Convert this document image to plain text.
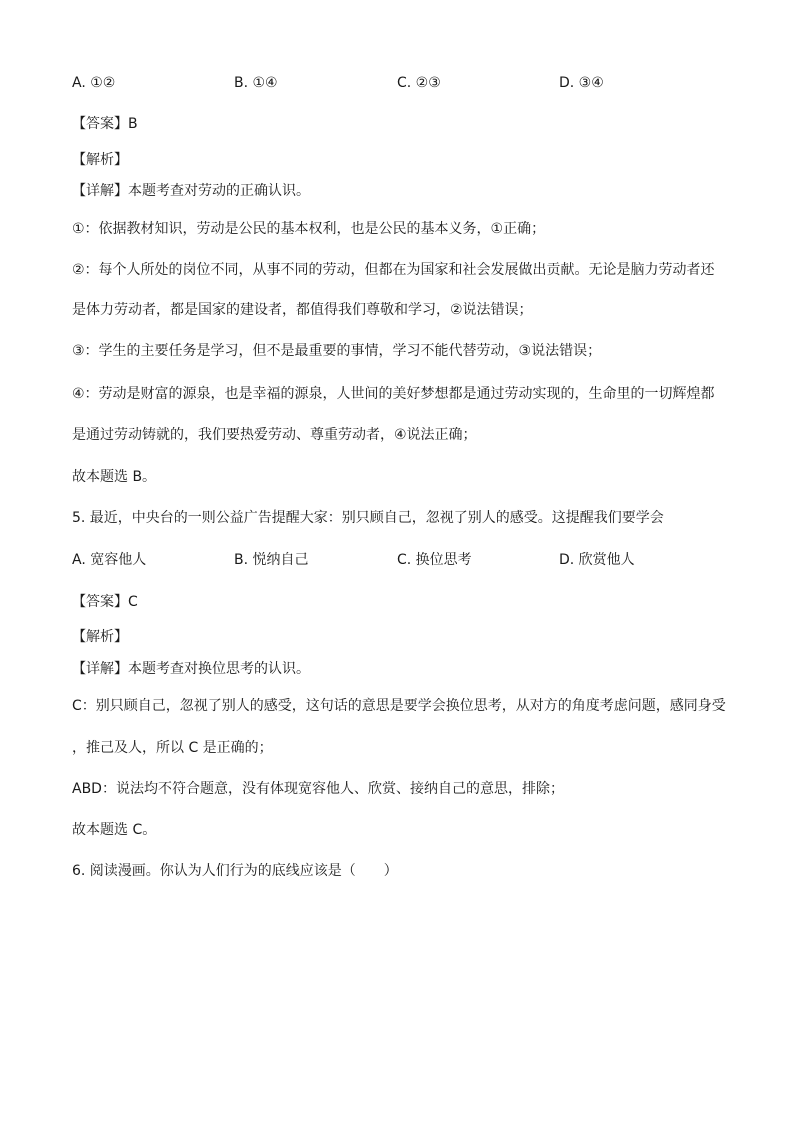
A. ①②	B. ①④	C. ②③	D. ③④
【答案】B
【解析】
【详解】本题考查对劳动的正确认识。
①：依据教材知识，劳动是公民的基本权利，也是公民的基本义务，①正确；
②：每个人所处的岗位不同，从事不同的劳动，但都在为国家和社会发展做出贡献。无论是脑力劳动者还
是体力劳动者，都是国家的建设者，都值得我们尊敬和学习，②说法错误；
③：学生的主要任务是学习，但不是最重要的事情，学习不能代替劳动，③说法错误；
④：劳动是财富的源泉，也是幸福的源泉，人世间的美好梦想都是通过劳动实现的，生命里的一切辉煌都
是通过劳动铸就的，我们要热爱劳动、尊重劳动者，④说法正确；
故本题选 B。
5. 最近，中央台的一则公益广告提醒大家：别只顾自己，忽视了别人的感受。这提醒我们要学会
A. 宽容他人	B. 悦纳自己	C. 换位思考	D. 欣赏他人
【答案】C
【解析】
【详解】本题考查对换位思考的认识。
C：别只顾自己，忽视了别人的感受，这句话的意思是要学会换位思考，从对方的角度考虑问题，感同身受
，推己及人，所以 C 是正确的；
ABD：说法均不符合题意，没有体现宽容他人、欣赏、接纳自己的意思，排除；
故本题选 C。
6. 阅读漫画。你认为人们行为的底线应该是（　　）
